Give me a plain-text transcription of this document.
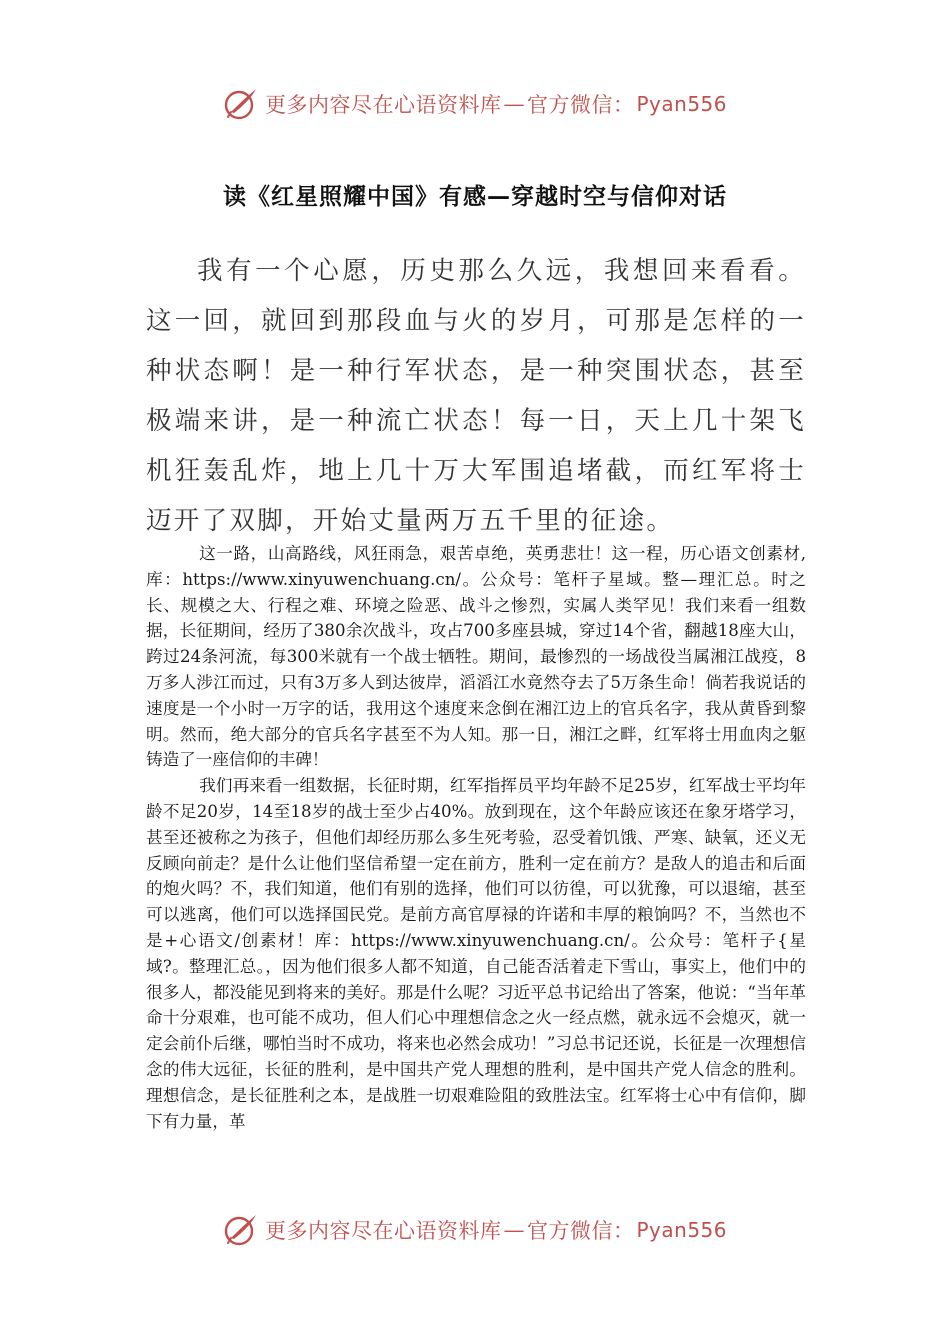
更多内容尽在心语资料库 — 官方微信： Pyan556
读《红星照耀中国》有感—穿越时空与信仰对话

我有一个心愿，历史那么久远，我想回来看看。这一回，就回到那段血与火的岁月，可那是怎样的一种状态啊！是一种行军状态，是一种突围状态，甚至极端来讲，是一种流亡状态！每一日，天上几十架飞机狂轰乱炸，地上几十万大军围追堵截，而红军将士迈开了双脚，开始丈量两万五千里的征途。

这一路，山高路线，风狂雨急，艰苦卓绝，英勇悲壮！这一程，历心语文创素材,库：https://www.xinyuwenchuang.cn/。公众号：笔杆子星域。整—理汇总。时之长、规模之大、行程之难、环境之险恶、战斗之惨烈，实属人类罕见！我们来看一组数据，长征期间，经历了380余次战斗，攻占700多座县城，穿过14个省，翻越18座大山，跨过24条河流，每300米就有一个战士牺牲。期间，最惨烈的一场战役当属湘江战疫，8万多人涉江而过，只有3万多人到达彼岸，滔滔江水竟然夺去了5万条生命！倘若我说话的速度是一个小时一万字的话，我用这个速度来念倒在湘江边上的官兵名字，我从黄昏到黎明。然而，绝大部分的官兵名字甚至不为人知。那一日，湘江之畔，红军将士用血肉之躯铸造了一座信仰的丰碑！

我们再来看一组数据，长征时期，红军指挥员平均年龄不足25岁，红军战士平均年龄不足20岁，14至18岁的战士至少占40%。放到现在，这个年龄应该还在象牙塔学习，甚至还被称之为孩子，但他们却经历那么多生死考验，忍受着饥饿、严寒、缺氧，还义无反顾向前走？是什么让他们坚信希望一定在前方，胜利一定在前方？是敌人的追击和后面的炮火吗？不，我们知道，他们有别的选择，他们可以彷徨，可以犹豫，可以退缩，甚至可以逃离，他们可以选择国民党。是前方高官厚禄的许诺和丰厚的粮饷吗？不，当然也不是+心语文/创素材！库：https://www.xinyuwenchuang.cn/。公众号：笔杆子{星域?。整理汇总。，因为他们很多人都不知道，自己能否活着走下雪山，事实上，他们中的很多人，都没能见到将来的美好。那是什么呢？习近平总书记给出了答案，他说：“当年革命十分艰难，也可能不成功，但人们心中理想信念之火一经点燃，就永远不会熄灭，就一定会前仆后继，哪怕当时不成功，将来也必然会成功！”习总书记还说，长征是一次理想信念的伟大远征，长征的胜利，是中国共产党人理想的胜利，是中国共产党人信念的胜利。理想信念，是长征胜利之本，是战胜一切艰难险阻的致胜法宝。红军将士心中有信仰，脚下有力量，革

更多内容尽在心语资料库 — 官方微信： Pyan556
